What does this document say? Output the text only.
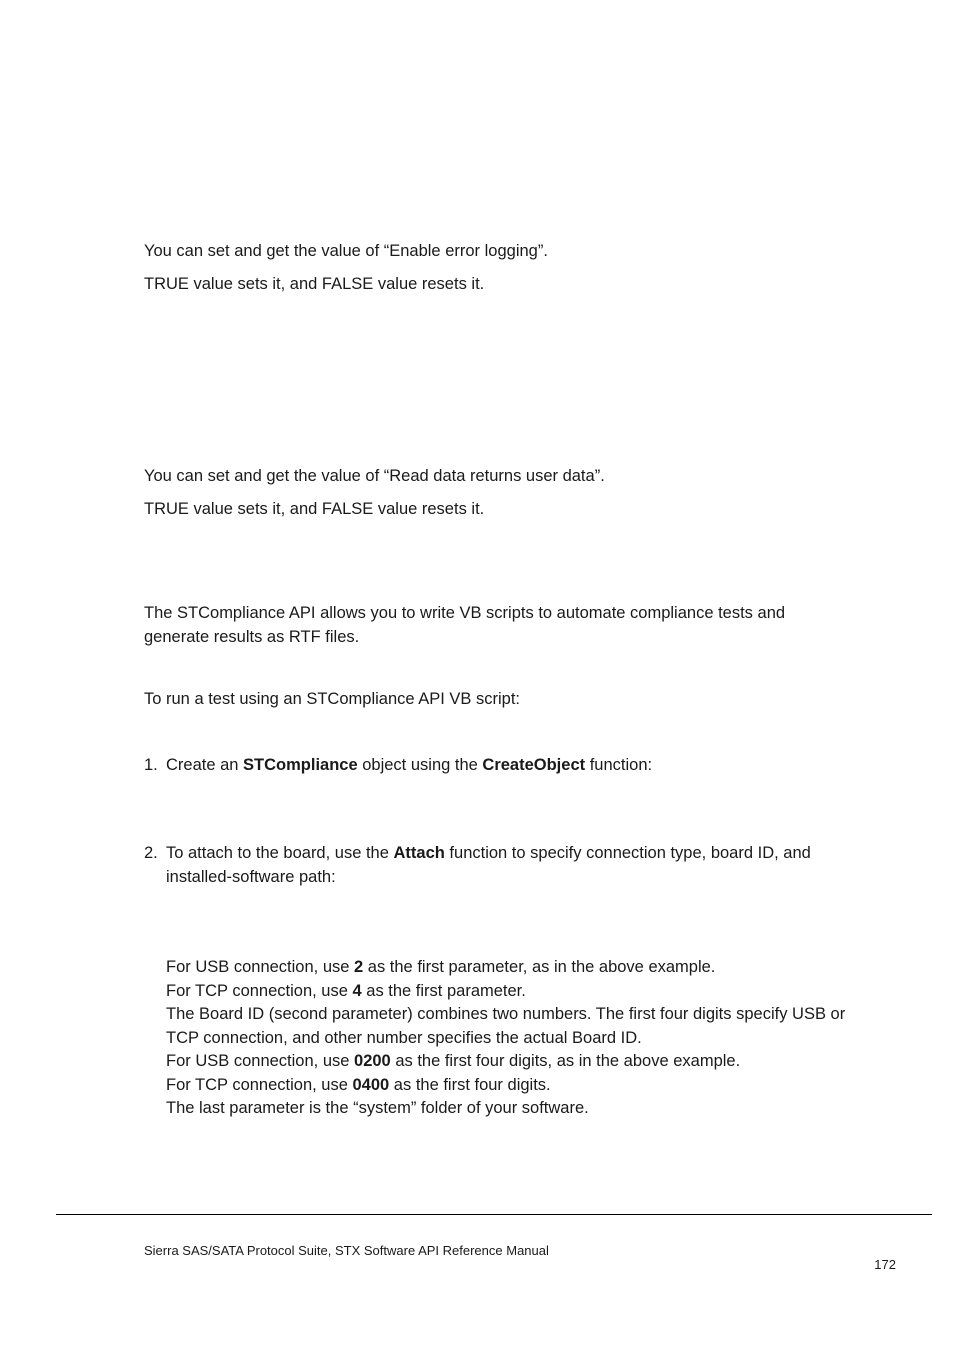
You can set and get the value of “Enable error logging”.
TRUE value sets it, and FALSE value resets it.
You can set and get the value of “Read data returns user data”.
TRUE value sets it, and FALSE value resets it.
The STCompliance API allows you to write VB scripts to automate compliance tests and
generate results as RTF files.
To run a test using an STCompliance API VB script:
1. Create an STCompliance object using the CreateObject function:
2. To attach to the board, use the Attach function to specify connection type, board ID, and
installed-software path:
For USB connection, use 2 as the first parameter, as in the above example.
For TCP connection, use 4 as the first parameter.
The Board ID (second parameter) combines two numbers. The first four digits specify USB or
TCP connection, and other number specifies the actual Board ID.
For USB connection, use 0200 as the first four digits, as in the above example.
For TCP connection, use 0400 as the first four digits.
The last parameter is the “system” folder of your software.
Sierra SAS/SATA Protocol Suite, STX Software API Reference Manual
172
